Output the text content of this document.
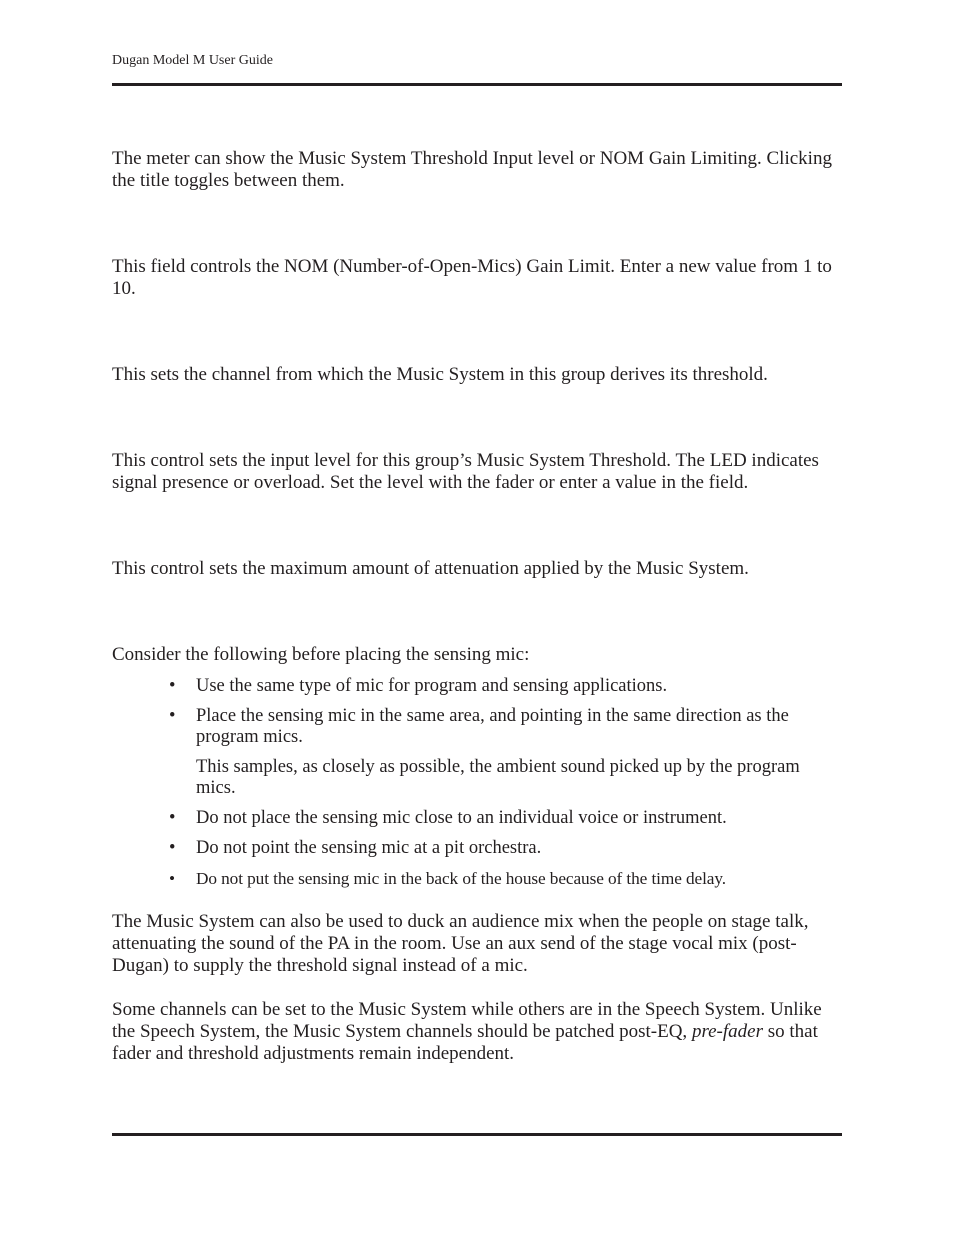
Dugan Model M User Guide

The meter can show the Music System Threshold Input level or NOM Gain Limiting. Clicking the title toggles between them.

This field controls the NOM (Number-of-Open-Mics) Gain Limit. Enter a new value from 1 to 10.

This sets the channel from which the Music System in this group derives its threshold.

This control sets the input level for this group’s Music System Threshold. The LED indicates signal presence or overload. Set the level with the fader or enter a value in the field.

This control sets the maximum amount of attenuation applied by the Music System.

Consider the following before placing the sensing mic:

• Use the same type of mic for program and sensing applications.
• Place the sensing mic in the same area, and pointing in the same direction as the program mics.
This samples, as closely as possible, the ambient sound picked up by the program mics.
• Do not place the sensing mic close to an individual voice or instrument.
• Do not point the sensing mic at a pit orchestra.
• Do not put the sensing mic in the back of the house because of the time delay.

The Music System can also be used to duck an audience mix when the people on stage talk, attenuating the sound of the PA in the room. Use an aux send of the stage vocal mix (post-Dugan) to supply the threshold signal instead of a mic.

Some channels can be set to the Music System while others are in the Speech System. Unlike the Speech System, the Music System channels should be patched post-EQ, pre-fader so that fader and threshold adjustments remain independent.
